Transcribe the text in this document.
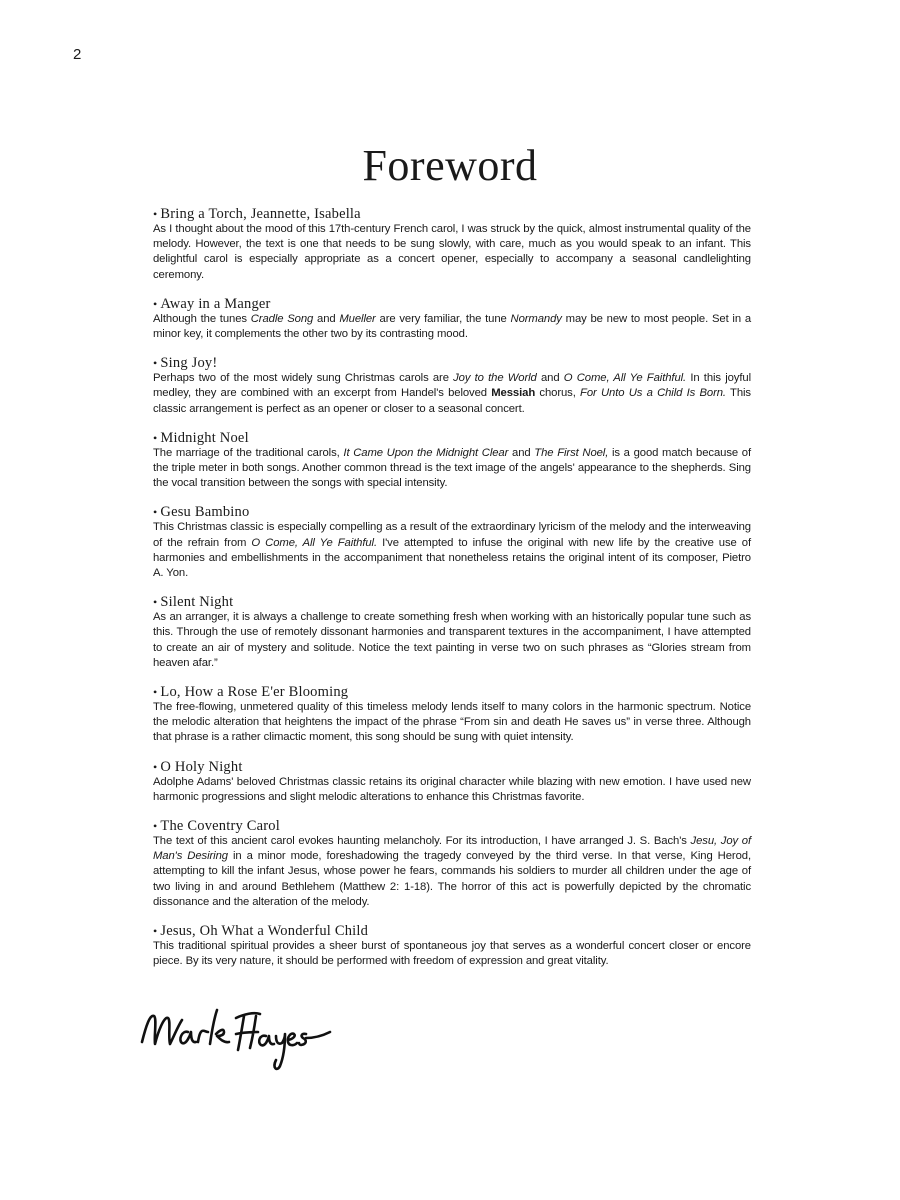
2
Foreword
• Bring a Torch, Jeannette, Isabella

As I thought about the mood of this 17th-century French carol, I was struck by the quick, almost instrumental quality of the melody. However, the text is one that needs to be sung slowly, with care, much as you would speak to an infant. This delightful carol is especially appropriate as a concert opener, especially to accompany a seasonal candlelighting ceremony.

• Away in a Manger

Although the tunes Cradle Song and Mueller are very familiar, the tune Normandy may be new to most people. Set in a minor key, it complements the other two by its contrasting mood.

• Sing Joy!

Perhaps two of the most widely sung Christmas carols are Joy to the World and O Come, All Ye Faithful. In this joyful medley, they are combined with an excerpt from Handel's beloved Messiah chorus, For Unto Us a Child Is Born. This classic arrangement is perfect as an opener or closer to a seasonal concert.

• Midnight Noel

The marriage of the traditional carols, It Came Upon the Midnight Clear and The First Noel, is a good match because of the triple meter in both songs. Another common thread is the text image of the angels' appearance to the shepherds. Sing the vocal transition between the songs with special intensity.

• Gesu Bambino

This Christmas classic is especially compelling as a result of the extraordinary lyricism of the melody and the interweaving of the refrain from O Come, All Ye Faithful. I've attempted to infuse the original with new life by the creative use of harmonies and embellishments in the accompaniment that nonetheless retains the original intent of its composer, Pietro A. Yon.

• Silent Night

As an arranger, it is always a challenge to create something fresh when working with an historically popular tune such as this. Through the use of remotely dissonant harmonies and transparent textures in the accompaniment, I have attempted to create an air of mystery and solitude. Notice the text painting in verse two on such phrases as “Glories stream from heaven afar.”

• Lo, How a Rose E'er Blooming

The free-flowing, unmetered quality of this timeless melody lends itself to many colors in the harmonic spectrum. Notice the melodic alteration that heightens the impact of the phrase “From sin and death He saves us” in verse three. Although that phrase is a rather climactic moment, this song should be sung with quiet intensity.

• O Holy Night

Adolphe Adams' beloved Christmas classic retains its original character while blazing with new emotion. I have used new harmonic progressions and slight melodic alterations to enhance this Christmas favorite.

• The Coventry Carol

The text of this ancient carol evokes haunting melancholy. For its introduction, I have arranged J. S. Bach's Jesu, Joy of Man's Desiring in a minor mode, foreshadowing the tragedy conveyed by the third verse. In that verse, King Herod, attempting to kill the infant Jesus, whose power he fears, commands his soldiers to murder all children under the age of two living in and around Bethlehem (Matthew 2: 1-18). The horror of this act is powerfully depicted by the chromatic dissonance and the alteration of the melody.

• Jesus, Oh What a Wonderful Child

This traditional spiritual provides a sheer burst of spontaneous joy that serves as a wonderful concert closer or encore piece. By its very nature, it should be performed with freedom of expression and great vitality.
